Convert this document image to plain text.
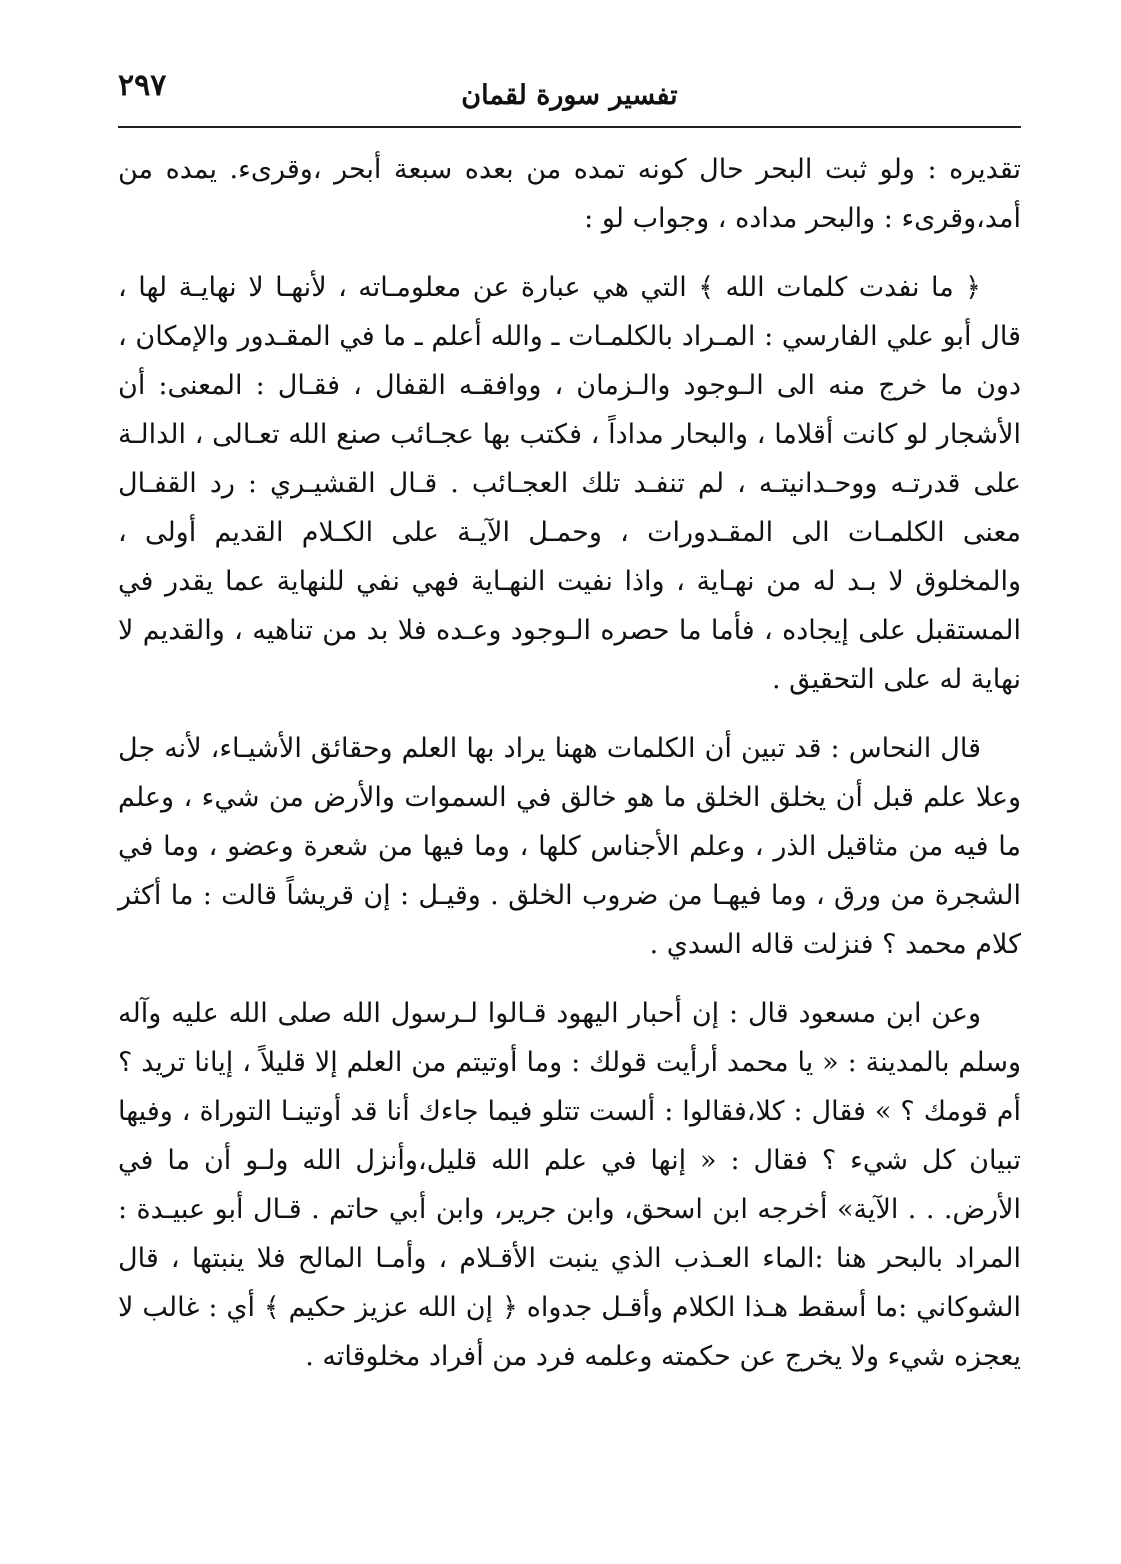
تفسير سورة لقمان
٢٩٧

تقديره : ولو ثبت البحر حال كونه تمده من بعده سبعة أبحر ،وقرىء. يمده من أمد،وقرىء : والبحر مداده ، وجواب لو :

﴿ ما نفدت كلمات الله ﴾ التي هي عبارة عن معلومـاته ، لأنهـا لا نهايـة لها ، قال أبو علي الفارسي : المـراد بالكلمـات ـ والله أعلم ـ ما في المقـدور والإمكان ، دون ما خرج منه الى الـوجود والـزمان ، ووافقـه القفال ، فقـال : المعنى: أن الأشجار لو كانت أقلاما ، والبحار مداداً ، فكتب بها عجـائب صنع الله تعـالى ، الدالـة على قدرتـه ووحـدانيتـه ، لم تنفـد تلك العجـائب . قـال القشيـري : رد القفـال معنى الكلمـات الى المقـدورات ، وحمـل الآيـة على الكـلام القديم أولى ، والمخلوق لا بـد له من نهـاية ، واذا نفيت النهـاية فهي نفي للنهاية عما يقدر في المستقبل على إيجاده ، فأما ما حصره الـوجود وعـده فلا بد من تناهيه ، والقديم لا نهاية له على التحقيق .

قال النحاس : قد تبين أن الكلمات ههنا يراد بها العلم وحقائق الأشيـاء، لأنه جل وعلا علم قبل أن يخلق الخلق ما هو خالق في السموات والأرض من شيء ، وعلم ما فيه من مثاقيل الذر ، وعلم الأجناس كلها ، وما فيها من شعرة وعضو ، وما في الشجرة من ورق ، وما فيهـا من ضروب الخلق . وقيـل : إن قريشاً قالت : ما أكثر كلام محمد ؟ فنزلت قاله السدي .

وعن ابن مسعود قال : إن أحبار اليهود قـالوا لـرسول الله صلى الله عليه وآله وسلم بالمدينة : « يا محمد أرأيت قولك : وما أوتيتم من العلم إلا قليلاً ، إيانا تريد ؟ أم قومك ؟ » فقال : كلا،فقالوا : ألست تتلو فيما جاءك أنا قد أوتينـا التوراة ، وفيها تبيان كل شيء ؟ فقال : « إنها في علم الله قليل،وأنزل الله ولـو أن ما في الأرض. . . الآية» أخرجه ابن اسحق، وابن جرير، وابن أبي حاتم . قـال أبو عبيـدة : المراد بالبحر هنا :الماء العـذب الذي ينبت الأقـلام ، وأمـا المالح فلا ينبتها ، قال الشوكاني :ما أسقط هـذا الكلام وأقـل جدواه ﴿ إن الله عزيز حكيم ﴾ أي : غالب لا يعجزه شيء ولا يخرج عن حكمته وعلمه فرد من أفراد مخلوقاته .
